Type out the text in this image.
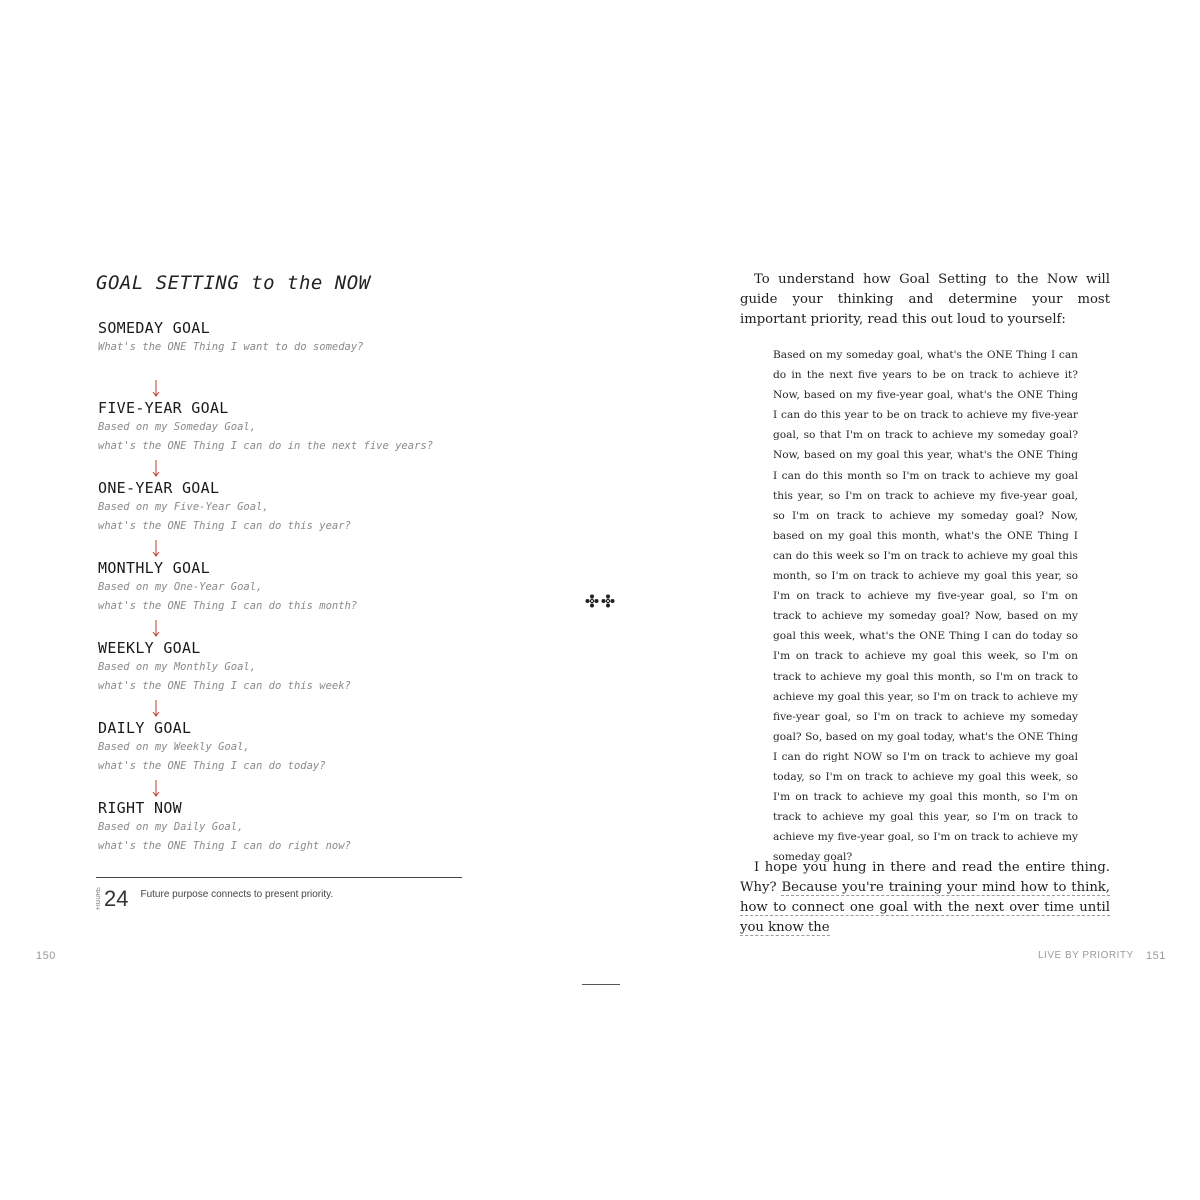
GOAL SETTING to the NOW
SOMEDAY GOAL
What's the ONE Thing I want to do someday?
FIVE-YEAR GOAL
Based on my Someday Goal,
what's the ONE Thing I can do in the next five years?
ONE-YEAR GOAL
Based on my Five-Year Goal,
what's the ONE Thing I can do this year?
MONTHLY GOAL
Based on my One-Year Goal,
what's the ONE Thing I can do this month?
WEEKLY GOAL
Based on my Monthly Goal,
what's the ONE Thing I can do this week?
DAILY GOAL
Based on my Weekly Goal,
what's the ONE Thing I can do today?
RIGHT NOW
Based on my Daily Goal,
what's the ONE Thing I can do right now?
FIGURE 24 Future purpose connects to present priority.
150

To understand how Goal Setting to the Now will guide your thinking and determine your most important priority, read this out loud to yourself:

Based on my someday goal, what's the ONE Thing I can do in the next five years to be on track to achieve it? Now, based on my five-year goal, what's the ONE Thing I can do this year to be on track to achieve my five-year goal, so that I'm on track to achieve my someday goal? Now, based on my goal this year, what's the ONE Thing I can do this month so I'm on track to achieve my goal this year, so I'm on track to achieve my five-year goal, so I'm on track to achieve my someday goal? Now, based on my goal this month, what's the ONE Thing I can do this week so I'm on track to achieve my goal this month, so I'm on track to achieve my goal this year, so I'm on track to achieve my five-year goal, so I'm on track to achieve my someday goal? Now, based on my goal this week, what's the ONE Thing I can do today so I'm on track to achieve my goal this week, so I'm on track to achieve my goal this month, so I'm on track to achieve my goal this year, so I'm on track to achieve my five-year goal, so I'm on track to achieve my someday goal? So, based on my goal today, what's the ONE Thing I can do right NOW so I'm on track to achieve my goal today, so I'm on track to achieve my goal this week, so I'm on track to achieve my goal this month, so I'm on track to achieve my goal this year, so I'm on track to achieve my five-year goal, so I'm on track to achieve my someday goal?

I hope you hung in there and read the entire thing. Why? Because you're training your mind how to think, how to connect one goal with the next over time until you know the

LIVE BY PRIORITY 151
